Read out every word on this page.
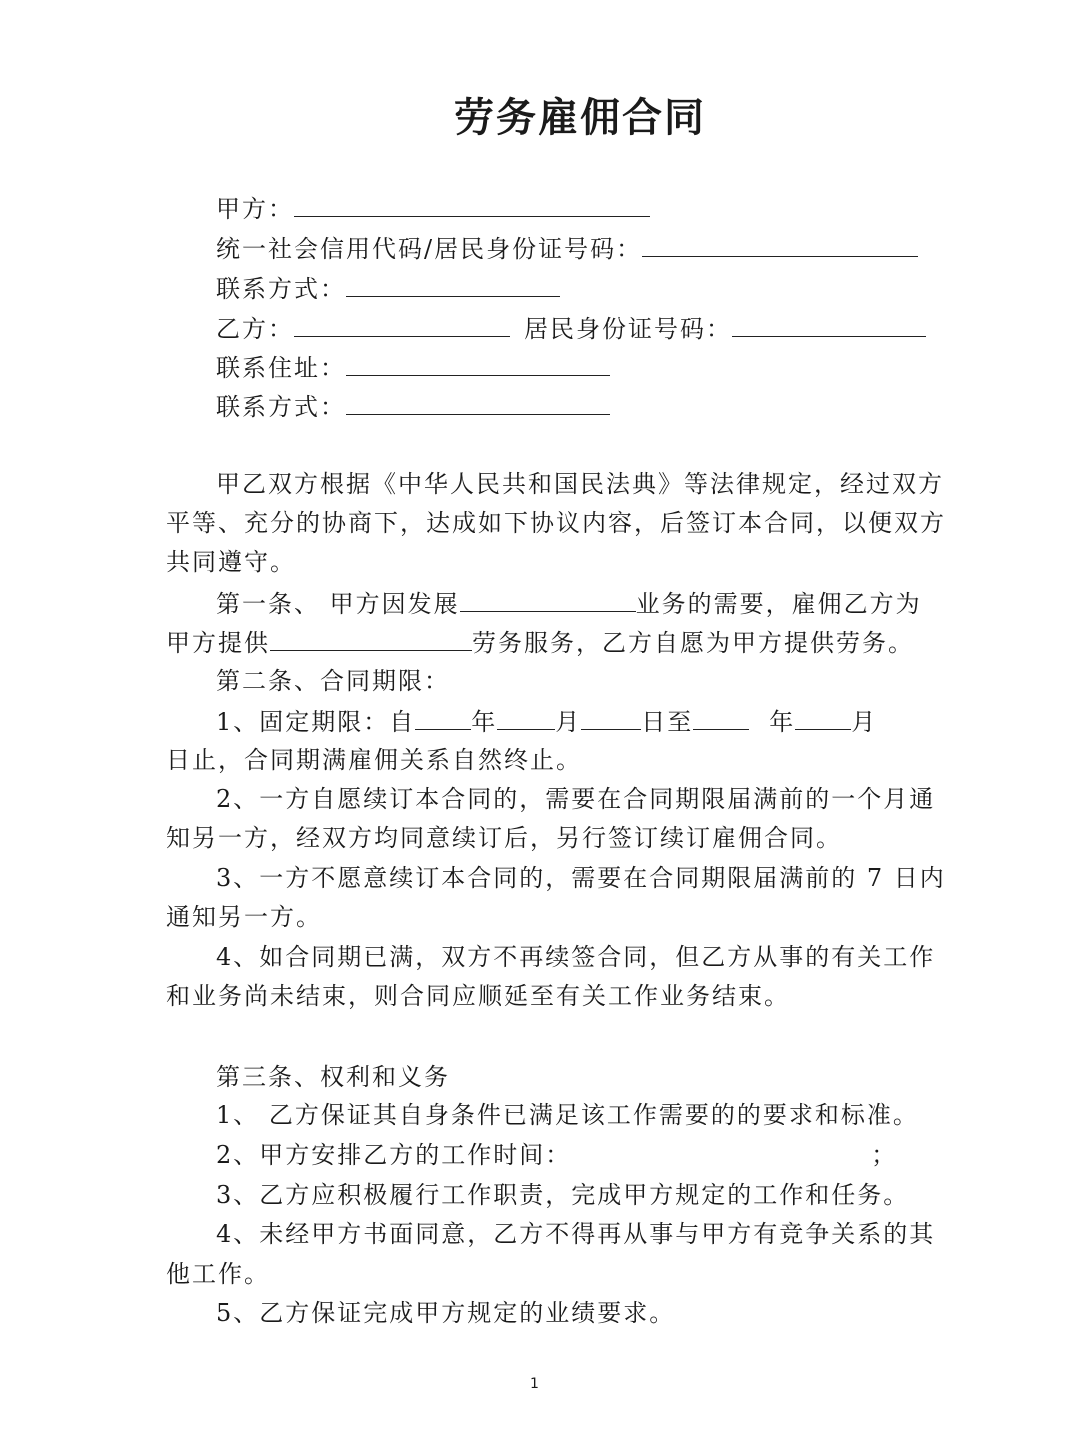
劳务雇佣合同
甲方：
统一社会信用代码/居民身份证号码：
联系方式：
乙方：	居民身份证号码：
联系住址：
联系方式：
甲乙双方根据《中华人民共和国民法典》等法律规定，经过双方
平等、充分的协商下，达成如下协议内容，后签订本合同，以便双方
共同遵守。
第一条、 甲方因发展	业务的需要，雇佣乙方为
甲方提供	劳务服务，乙方自愿为甲方提供劳务。
第二条、合同期限：
1、固定期限：自 年 月	日至	年 月
日止，合同期满雇佣关系自然终止。
2、一方自愿续订本合同的，需要在合同期限届满前的一个月通
知另一方，经双方均同意续订后，另行签订续订雇佣合同。
3、一方不愿意续订本合同的，需要在合同期限届满前的 7 日内
通知另一方。
4、如合同期已满，双方不再续签合同，但乙方从事的有关工作
和业务尚未结束，则合同应顺延至有关工作业务结束。
第三条、权利和义务
1、 乙方保证其自身条件已满足该工作需要的的要求和标准。
2、甲方安排乙方的工作时间：	；
3、乙方应积极履行工作职责，完成甲方规定的工作和任务。
4、未经甲方书面同意，乙方不得再从事与甲方有竞争关系的其
他工作。
5、乙方保证完成甲方规定的业绩要求。
1
